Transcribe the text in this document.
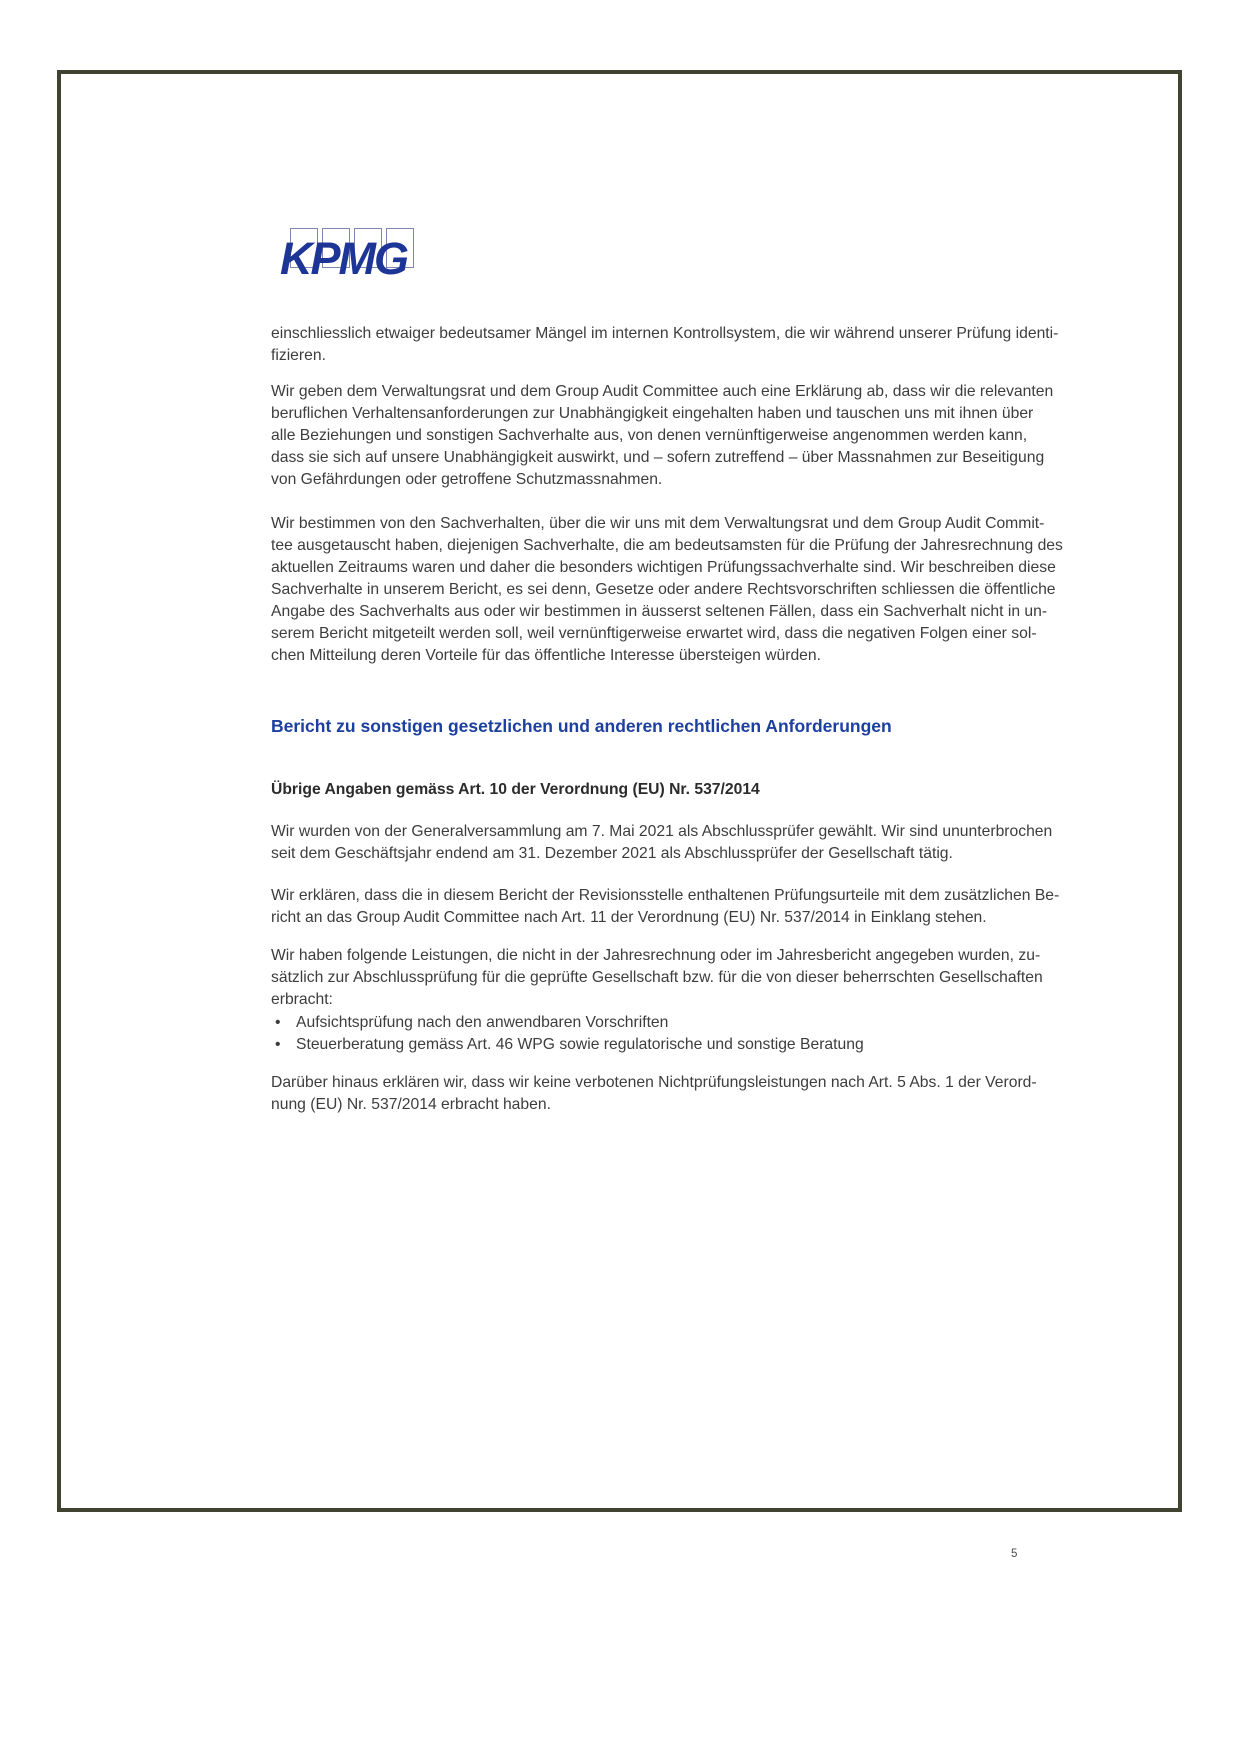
KPMG
einschliesslich etwaiger bedeutsamer Mängel im internen Kontrollsystem, die wir während unserer Prüfung identi-
fizieren.
Wir geben dem Verwaltungsrat und dem Group Audit Committee auch eine Erklärung ab, dass wir die relevanten
beruflichen Verhaltensanforderungen zur Unabhängigkeit eingehalten haben und tauschen uns mit ihnen über
alle Beziehungen und sonstigen Sachverhalte aus, von denen vernünftigerweise angenommen werden kann,
dass sie sich auf unsere Unabhängigkeit auswirkt, und – sofern zutreffend – über Massnahmen zur Beseitigung
von Gefährdungen oder getroffene Schutzmassnahmen.
Wir bestimmen von den Sachverhalten, über die wir uns mit dem Verwaltungsrat und dem Group Audit Commit-
tee ausgetauscht haben, diejenigen Sachverhalte, die am bedeutsamsten für die Prüfung der Jahresrechnung des
aktuellen Zeitraums waren und daher die besonders wichtigen Prüfungssachverhalte sind. Wir beschreiben diese
Sachverhalte in unserem Bericht, es sei denn, Gesetze oder andere Rechtsvorschriften schliessen die öffentliche
Angabe des Sachverhalts aus oder wir bestimmen in äusserst seltenen Fällen, dass ein Sachverhalt nicht in un-
serem Bericht mitgeteilt werden soll, weil vernünftigerweise erwartet wird, dass die negativen Folgen einer sol-
chen Mitteilung deren Vorteile für das öffentliche Interesse übersteigen würden.
Bericht zu sonstigen gesetzlichen und anderen rechtlichen Anforderungen
Übrige Angaben gemäss Art. 10 der Verordnung (EU) Nr. 537/2014
Wir wurden von der Generalversammlung am 7. Mai 2021 als Abschlussprüfer gewählt. Wir sind ununterbrochen
seit dem Geschäftsjahr endend am 31. Dezember 2021 als Abschlussprüfer der Gesellschaft tätig.
Wir erklären, dass die in diesem Bericht der Revisionsstelle enthaltenen Prüfungsurteile mit dem zusätzlichen Be-
richt an das Group Audit Committee nach Art. 11 der Verordnung (EU) Nr. 537/2014 in Einklang stehen.
Wir haben folgende Leistungen, die nicht in der Jahresrechnung oder im Jahresbericht angegeben wurden, zu-
sätzlich zur Abschlussprüfung für die geprüfte Gesellschaft bzw. für die von dieser beherrschten Gesellschaften
erbracht:
• Aufsichtsprüfung nach den anwendbaren Vorschriften
• Steuerberatung gemäss Art. 46 WPG sowie regulatorische und sonstige Beratung
Darüber hinaus erklären wir, dass wir keine verbotenen Nichtprüfungsleistungen nach Art. 5 Abs. 1 der Verord-
nung (EU) Nr. 537/2014 erbracht haben.
5
